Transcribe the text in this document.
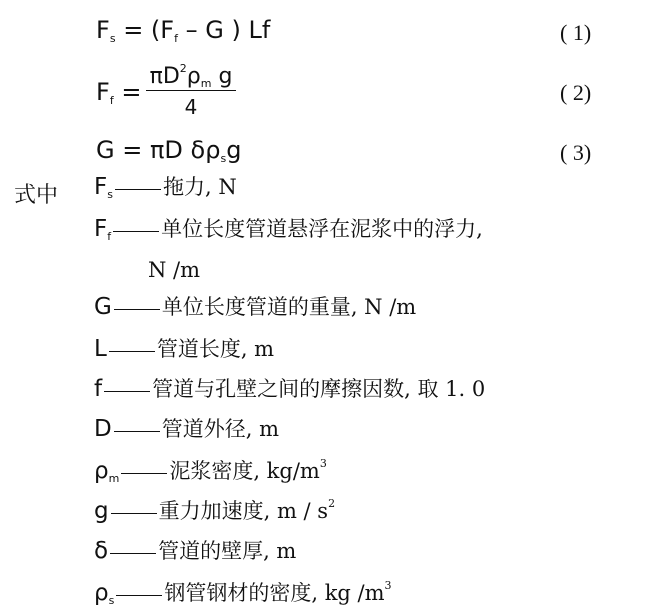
$F_s = (F_f - G$ ) Lf	( 1)
$F_f$ =
$\pi D^2\rho_m$ g
4
( 2)
G = πD $\delta\rho_sg$	( 3)
式中 $F_s$ 拖力, N
$F_f$ 单位长度管道悬浮在泥浆中的浮力,
N /m
G 单位长度管道的重量, N /m
L 管道长度, m
f 管道与孔壁之间的摩擦因数, 取 1. 0
D 管道外径, m
$\rho_m$ 泥浆密度, $kg/m^3$
g 重力加速度, m / $s^2$
δ 管道的壁厚, m
$\rho_s$ 钢管钢材的密度, kg $/m^3$
